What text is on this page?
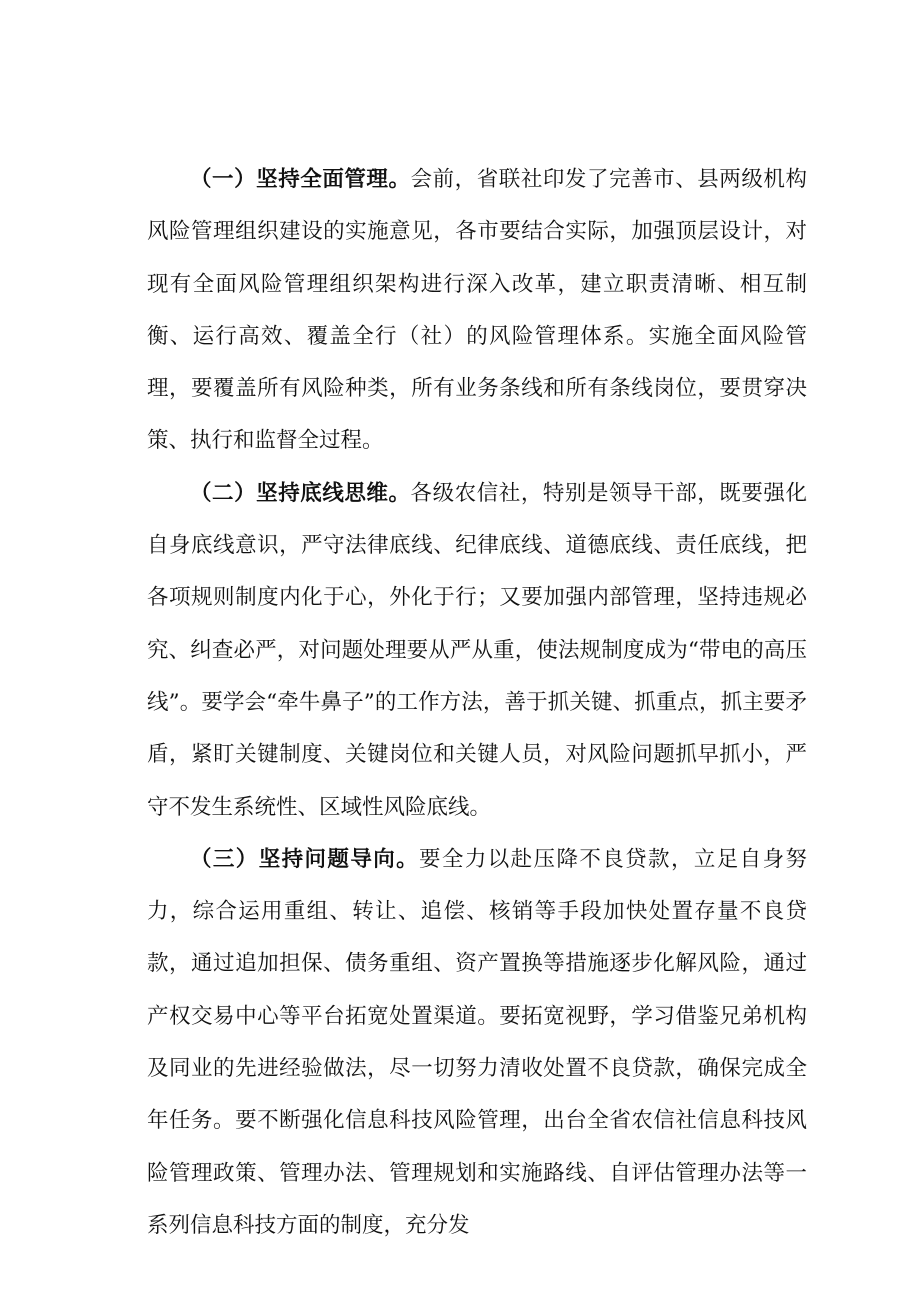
（一）坚持全面管理。会前，省联社印发了完善市、县两级机构风险管理组织建设的实施意见，各市要结合实际，加强顶层设计，对现有全面风险管理组织架构进行深入改革，建立职责清晰、相互制衡、运行高效、覆盖全行（社）的风险管理体系。实施全面风险管理，要覆盖所有风险种类，所有业务条线和所有条线岗位，要贯穿决策、执行和监督全过程。

（二）坚持底线思维。各级农信社，特别是领导干部，既要强化自身底线意识，严守法律底线、纪律底线、道德底线、责任底线，把各项规则制度内化于心，外化于行；又要加强内部管理，坚持违规必究、纠查必严，对问题处理要从严从重，使法规制度成为“带电的高压线”。要学会“牵牛鼻子”的工作方法，善于抓关键、抓重点，抓主要矛盾，紧盯关键制度、关键岗位和关键人员，对风险问题抓早抓小，严守不发生系统性、区域性风险底线。

（三）坚持问题导向。要全力以赴压降不良贷款，立足自身努力，综合运用重组、转让、追偿、核销等手段加快处置存量不良贷款，通过追加担保、债务重组、资产置换等措施逐步化解风险，通过产权交易中心等平台拓宽处置渠道。要拓宽视野，学习借鉴兄弟机构及同业的先进经验做法，尽一切努力清收处置不良贷款，确保完成全年任务。要不断强化信息科技风险管理，出台全省农信社信息科技风险管理政策、管理办法、管理规划和实施路线、自评估管理办法等一系列信息科技方面的制度，充分发
